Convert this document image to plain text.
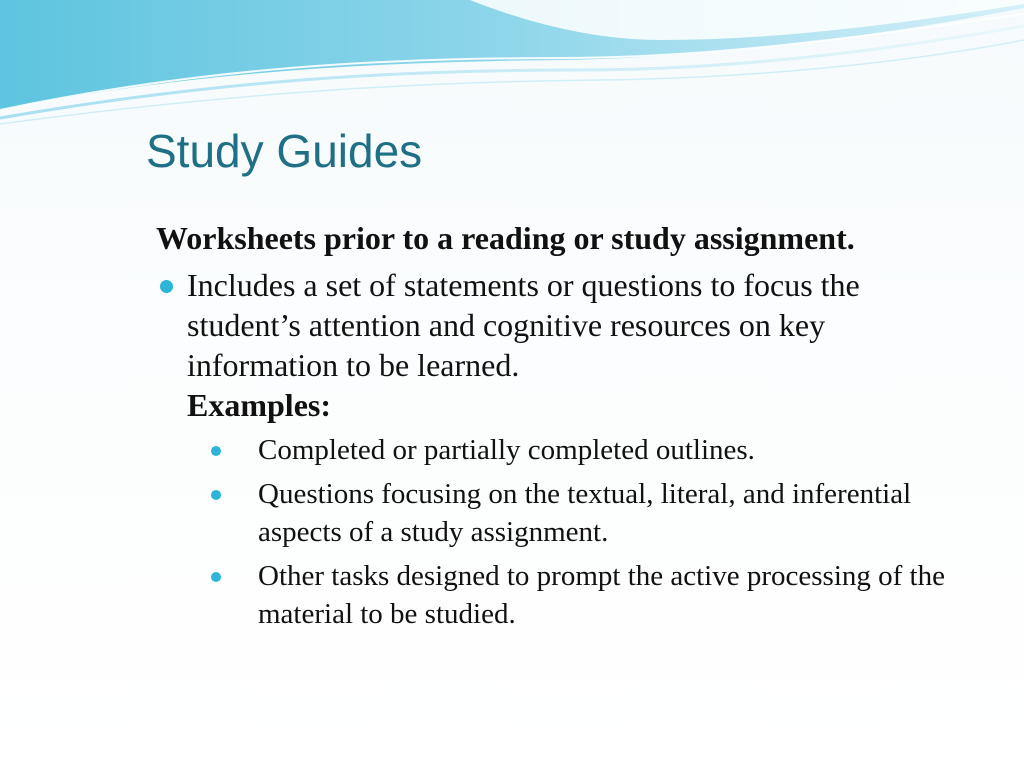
Study Guides

Worksheets prior to a reading or study assignment.

Includes a set of statements or questions to focus the student’s attention and cognitive resources on key information to be learned.
Examples:
Completed or partially completed outlines.
Questions focusing on the textual, literal, and inferential aspects of a study assignment.
Other tasks designed to prompt the active processing of the material to be studied.
